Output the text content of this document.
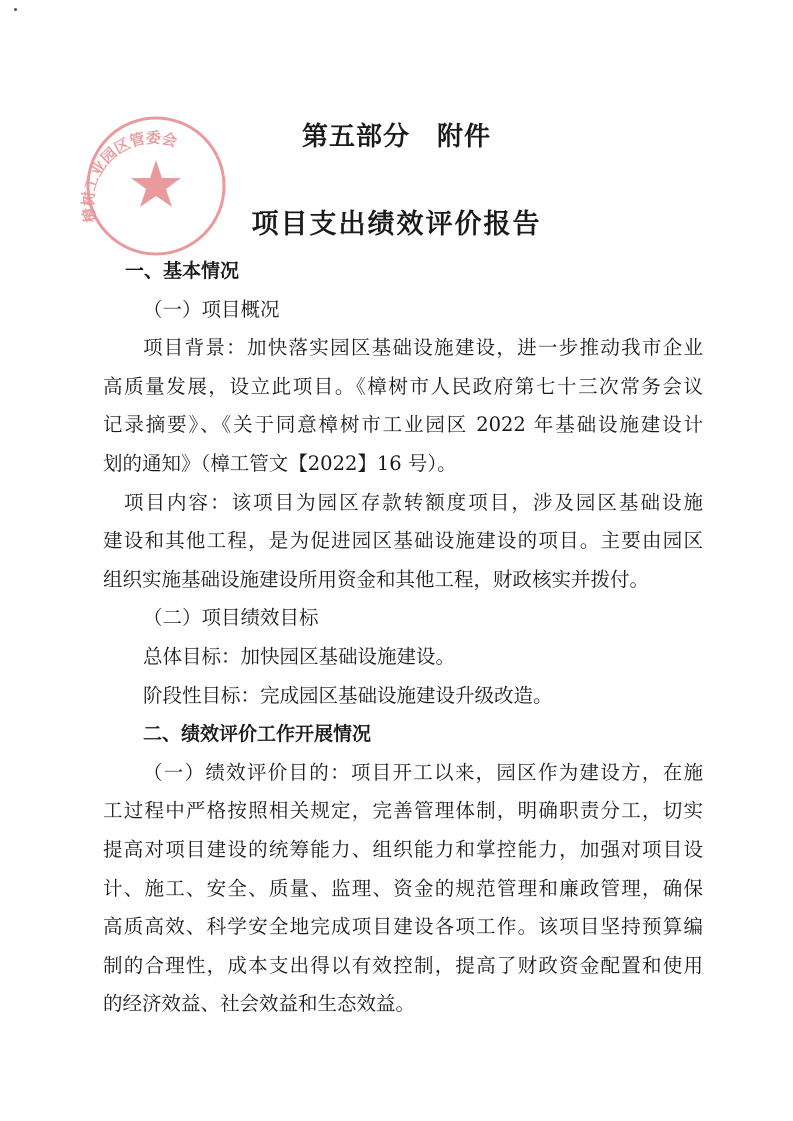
樟树工业园区管委会	第五部分　附件
项目支出绩效评价报告
一、基本情况
（一）项目概况
项目背景：加快落实园区基础设施建设，进一步推动我市企业
高质量发展，设立此项目。《樟树市人民政府第七十三次常务会议
记录摘要》、《关于同意樟树市工业园区 2022 年基础设施建设计
划的通知》（樟工管文【2022】16 号）。
项目内容：该项目为园区存款转额度项目，涉及园区基础设施
建设和其他工程，是为促进园区基础设施建设的项目。主要由园区
组织实施基础设施建设所用资金和其他工程，财政核实并拨付。
（二）项目绩效目标
总体目标：加快园区基础设施建设。
阶段性目标：完成园区基础设施建设升级改造。
二、绩效评价工作开展情况
（一）绩效评价目的：项目开工以来，园区作为建设方，在施
工过程中严格按照相关规定，完善管理体制，明确职责分工，切实
提高对项目建设的统筹能力、组织能力和掌控能力，加强对项目设
计、施工、安全、质量、监理、资金的规范管理和廉政管理，确保
高质高效、科学安全地完成项目建设各项工作。该项目坚持预算编
制的合理性，成本支出得以有效控制，提高了财政资金配置和使用
的经济效益、社会效益和生态效益。
